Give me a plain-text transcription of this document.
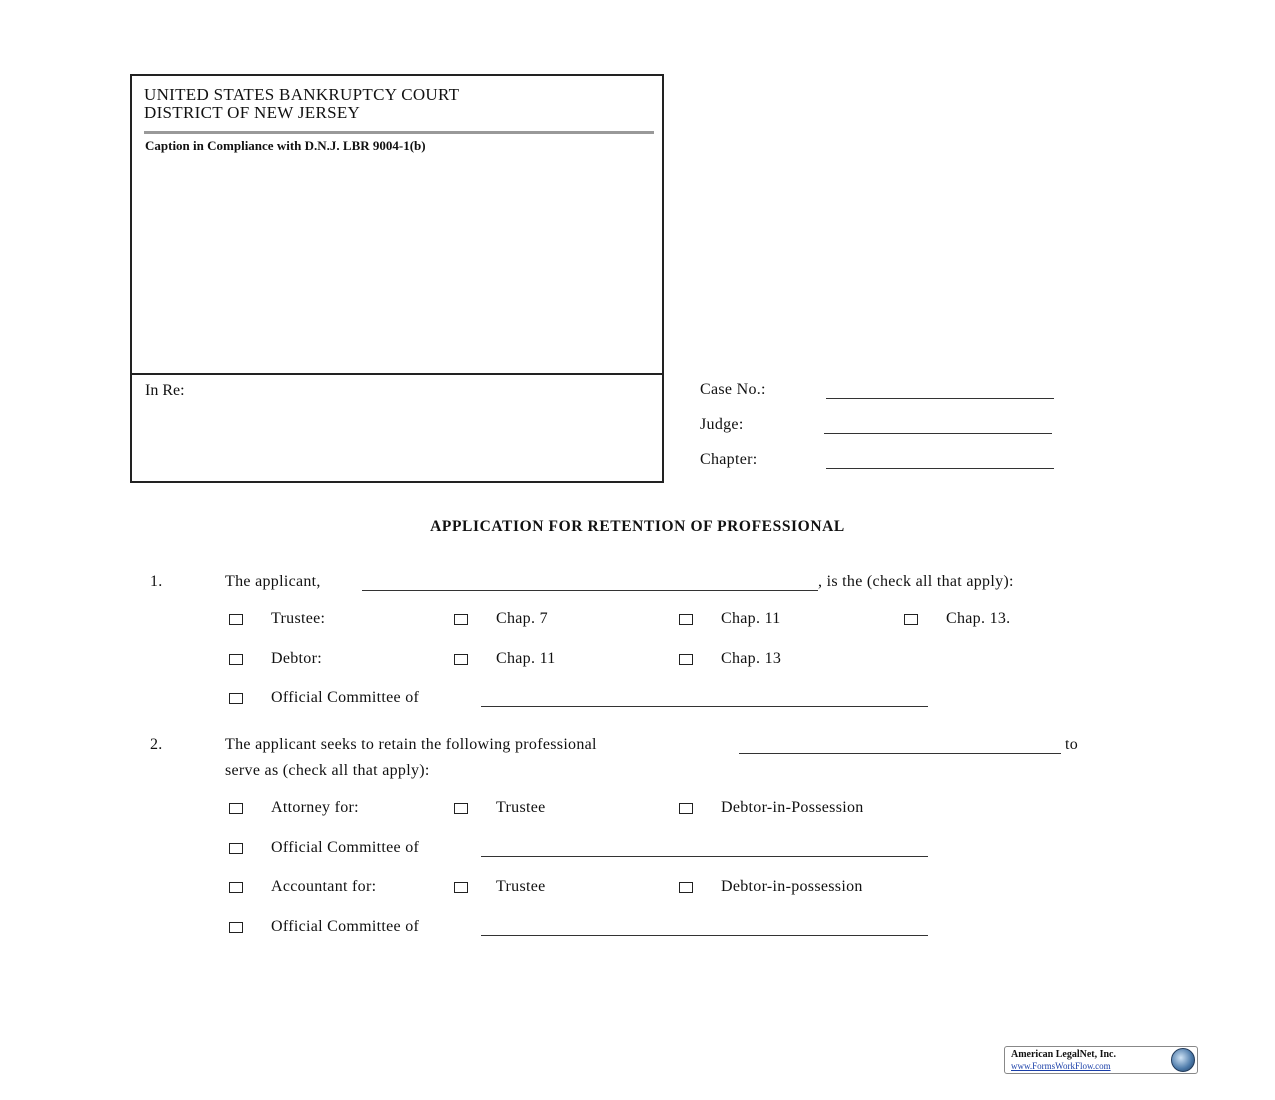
UNITED STATES BANKRUPTCY COURT
DISTRICT OF NEW JERSEY
Caption in Compliance with D.N.J. LBR 9004-1(b)
In Re:	Case No.:
Judge:
Chapter:
APPLICATION FOR RETENTION OF PROFESSIONAL
1.	The applicant,	, is the (check all that apply):
Trustee:	Chap. 7	Chap. 11	Chap. 13.
Debtor:	Chap. 11	Chap. 13
Official Committee of
2.	The applicant seeks to retain the following professional	to
serve as (check all that apply):
Attorney for:	Trustee	Debtor-in-Possession
Official Committee of
Accountant for:	Trustee	Debtor-in-possession
Official Committee of
American LegalNet, Inc.
www.FormsWorkFlow.com
